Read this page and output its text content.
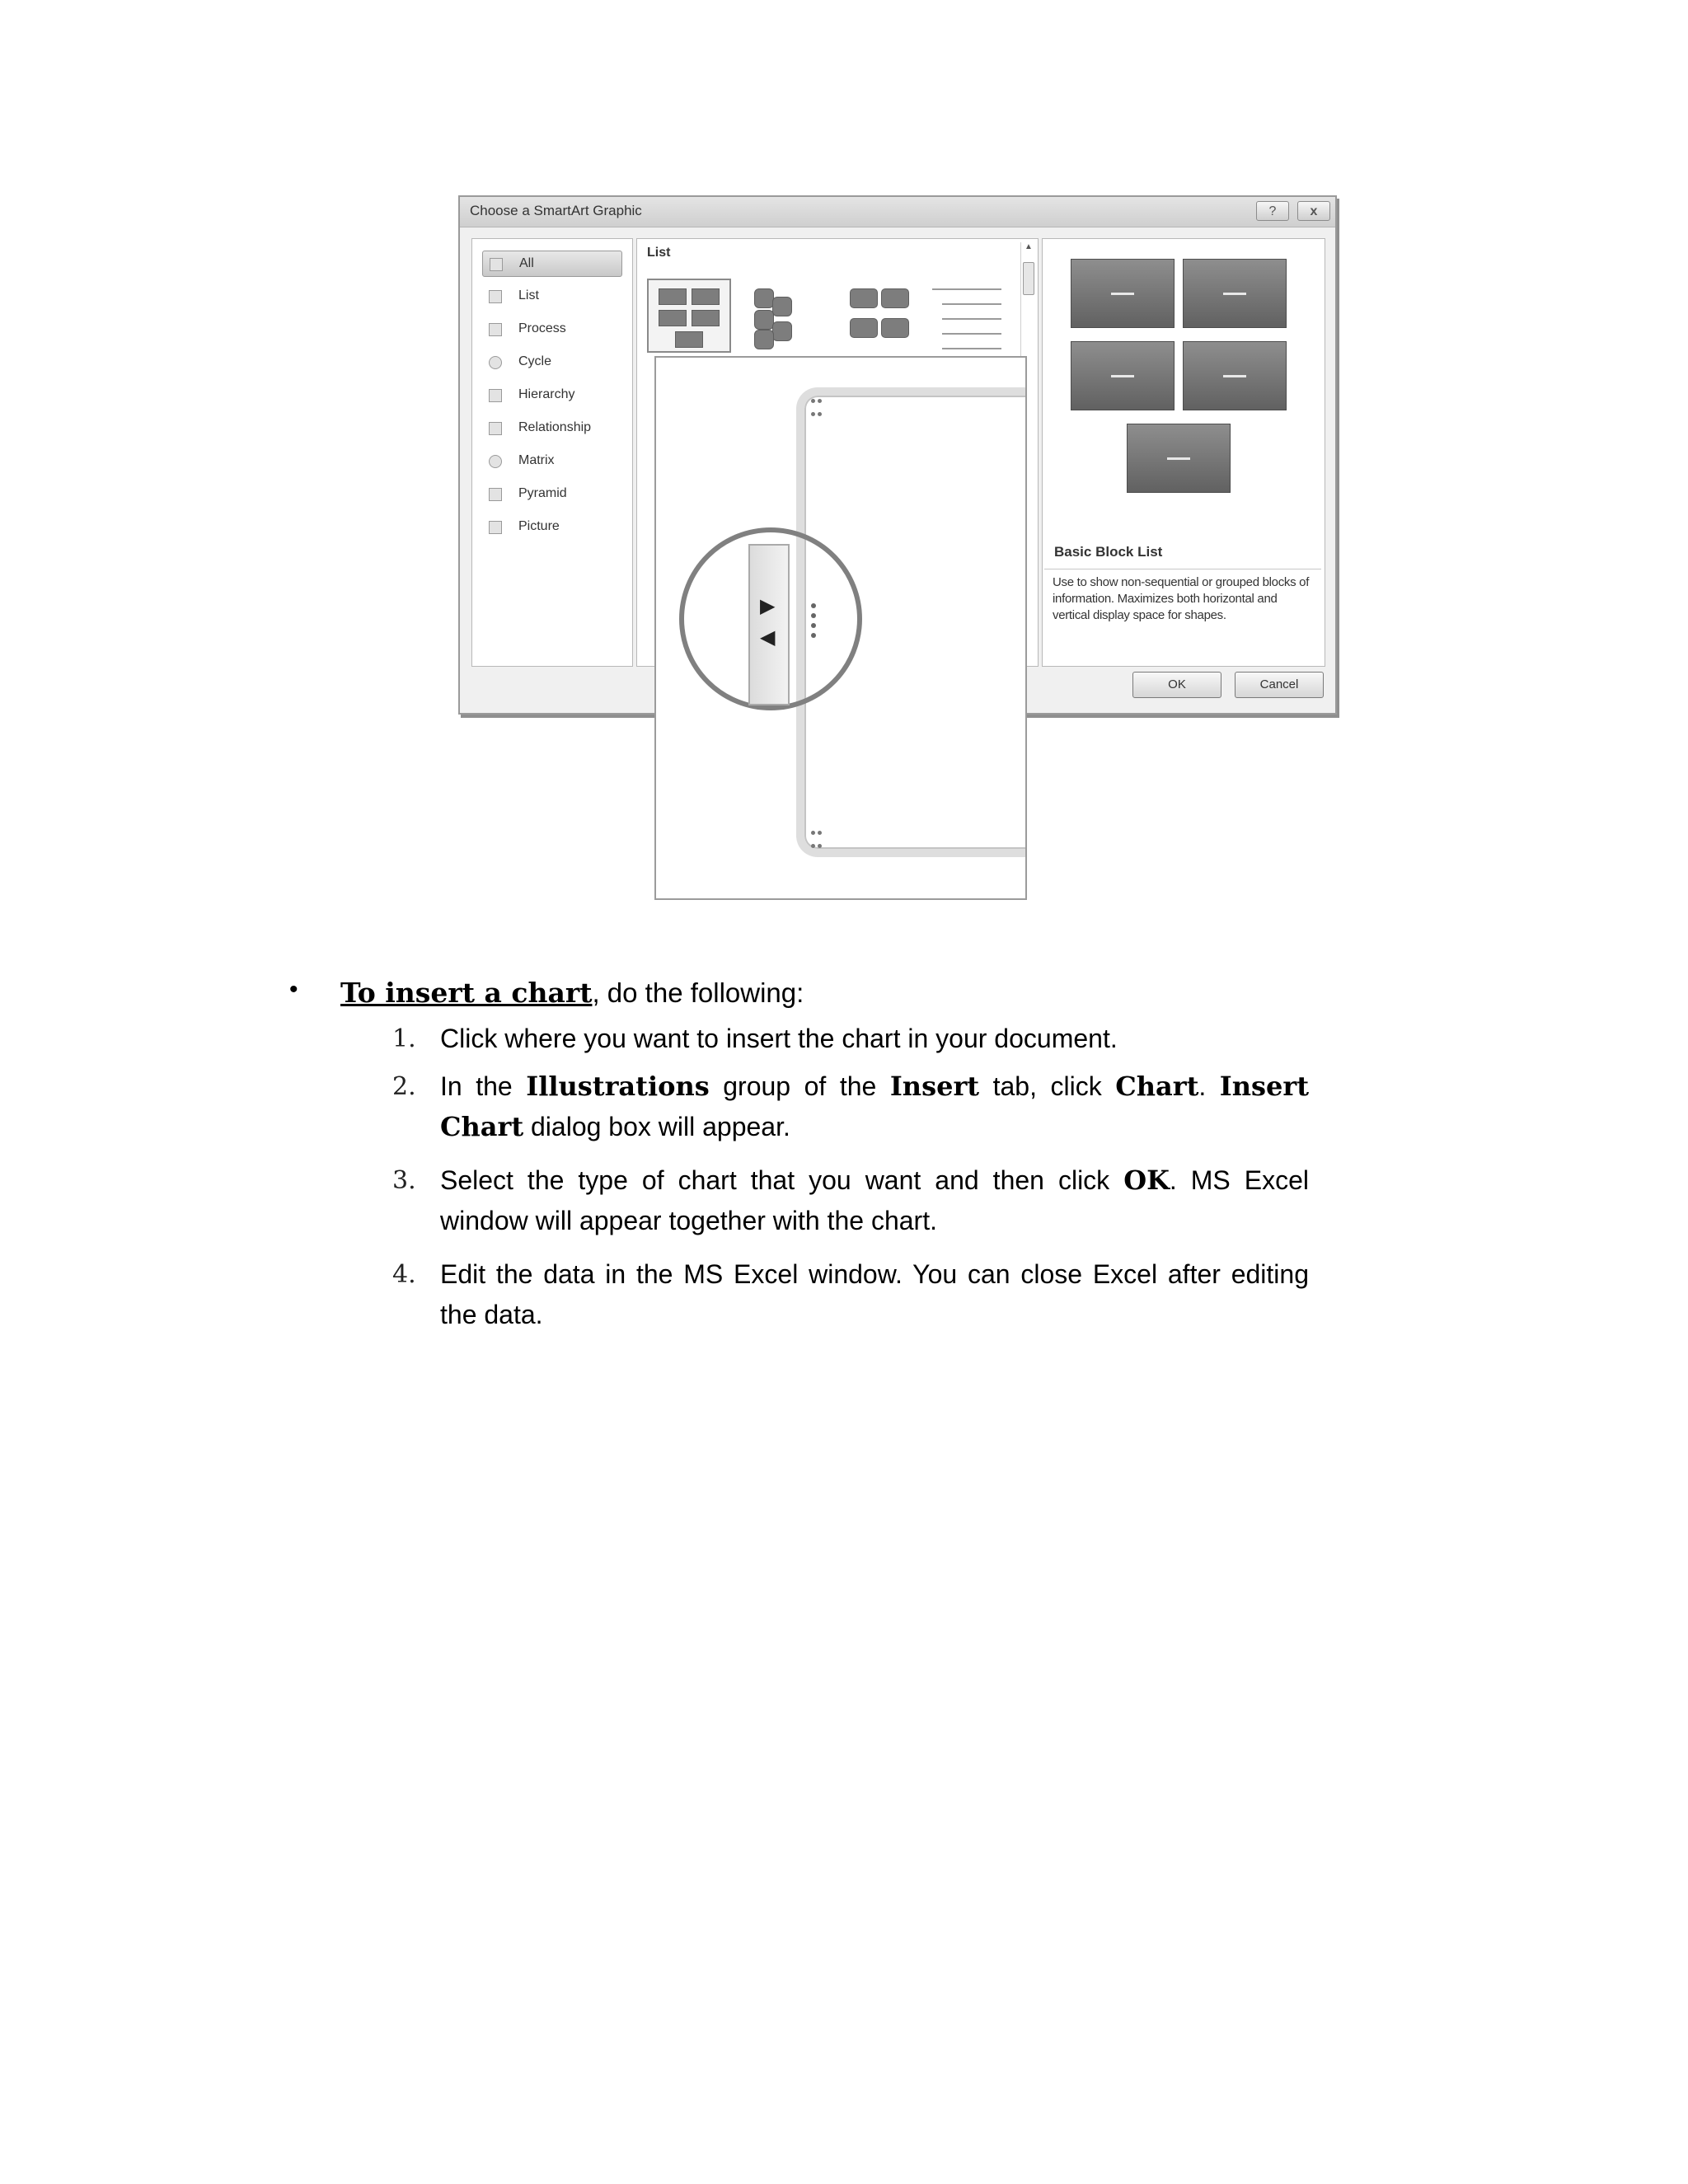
Choose a SmartArt Graphic	?	x
All
List
Process
Cycle
Hierarchy
Relationship
Matrix
Pyramid
Picture
List	▲
Basic Block List
Use to show non-sequential or grouped blocks of information. Maximizes both horizontal and vertical display space for shapes.
OK	Cancel
▶
◀
• To insert a chart, do the following:
1. Click where you want to insert the chart in your document.
2. In the Illustrations group of the Insert tab, click Chart. Insert Chart dialog box will appear.
3. Select the type of chart that you want and then click OK. MS Excel window will appear together with the chart.
4. Edit the data in the MS Excel window. You can close Excel after editing the data.
